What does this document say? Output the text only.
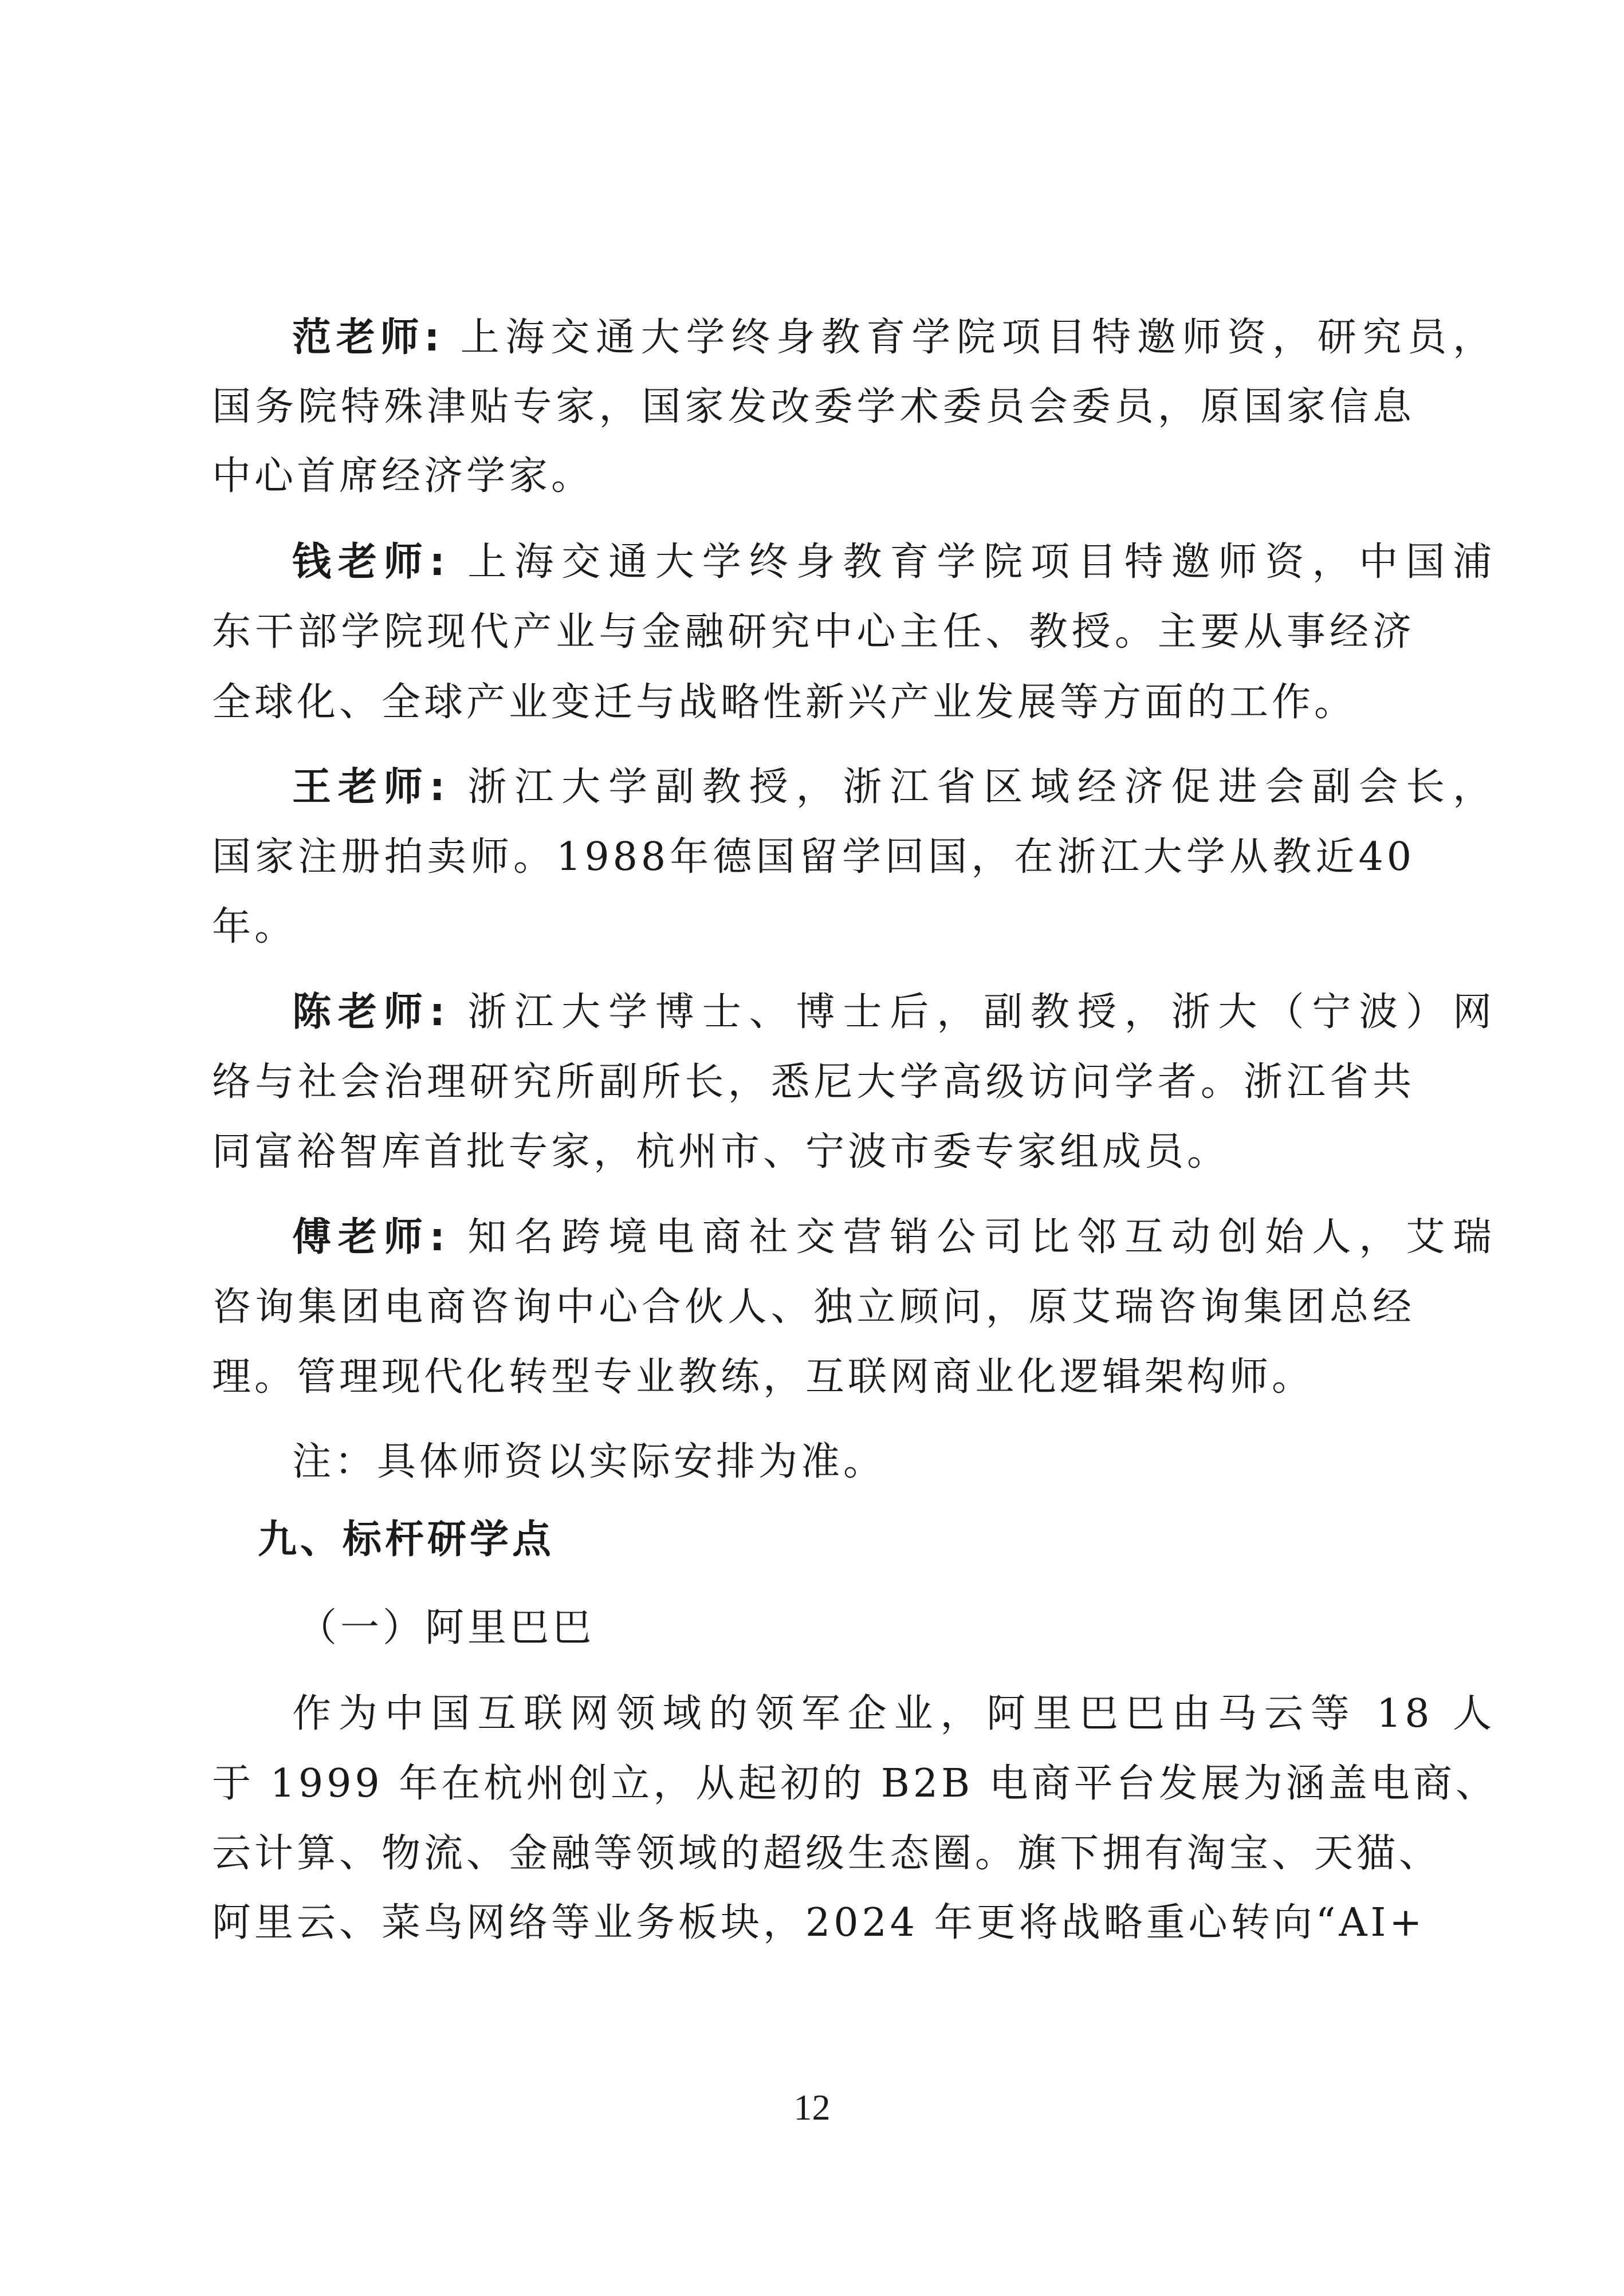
范老师: 上海交通大学终身教育学院项目特邀师资，研究员，
国务院特殊津贴专家，国家发改委学术委员会委员，原国家信息
中心首席经济学家。
钱老师: 上海交通大学终身教育学院项目特邀师资，中国浦
东干部学院现代产业与金融研究中心主任、教授。主要从事经济
全球化、全球产业变迁与战略性新兴产业发展等方面的工作。
王老师: 浙江大学副教授，浙江省区域经济促进会副会长，
国家注册拍卖师。1988年德国留学回国，在浙江大学从教近40
年。
陈老师: 浙江大学博士、博士后，副教授，浙大（宁波）网
络与社会治理研究所副所长，悉尼大学高级访问学者。浙江省共
同富裕智库首批专家，杭州市、宁波市委专家组成员。
傅老师: 知名跨境电商社交营销公司比邻互动创始人，艾瑞
咨询集团电商咨询中心合伙人、独立顾问，原艾瑞咨询集团总经
理。管理现代化转型专业教练，互联网商业化逻辑架构师。
注：具体师资以实际安排为准。
九、标杆研学点
（一）阿里巴巴
作为中国互联网领域的领军企业，阿里巴巴由马云等 18 人
于 1999 年在杭州创立，从起初的 B2B 电商平台发展为涵盖电商、
云计算、物流、金融等领域的超级生态圈。旗下拥有淘宝、天猫、
阿里云、菜鸟网络等业务板块，2024 年更将战略重心转向“AI+
12
